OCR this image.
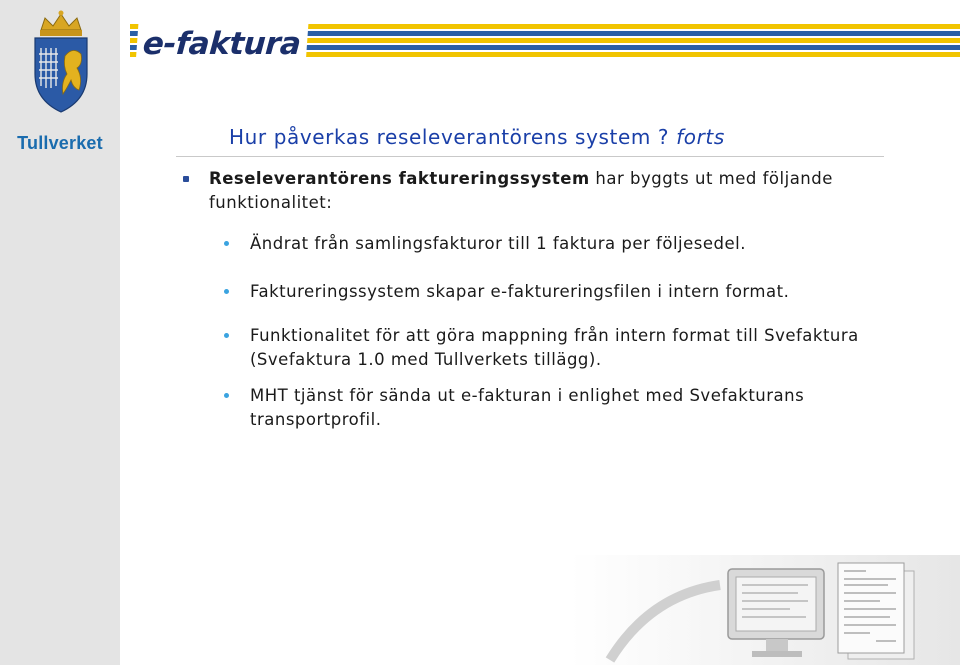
Tullverket
e-fakturа
Hur påverkas reseleverantörens system ? forts

Reseleverantörens faktureringssystem har byggts ut med följande funktionalitet:

Ändrat från samlingsfakturor till 1 faktura per följesedel.

Faktureringssystem skapar e-faktureringsfilen i intern format.

Funktionalitet för att göra mappning från intern format till Svefaktura (Svefaktura 1.0 med Tullverkets tillägg).

MHT tjänst för sända ut e-fakturan i enlighet med Svefakturans transportprofil.
